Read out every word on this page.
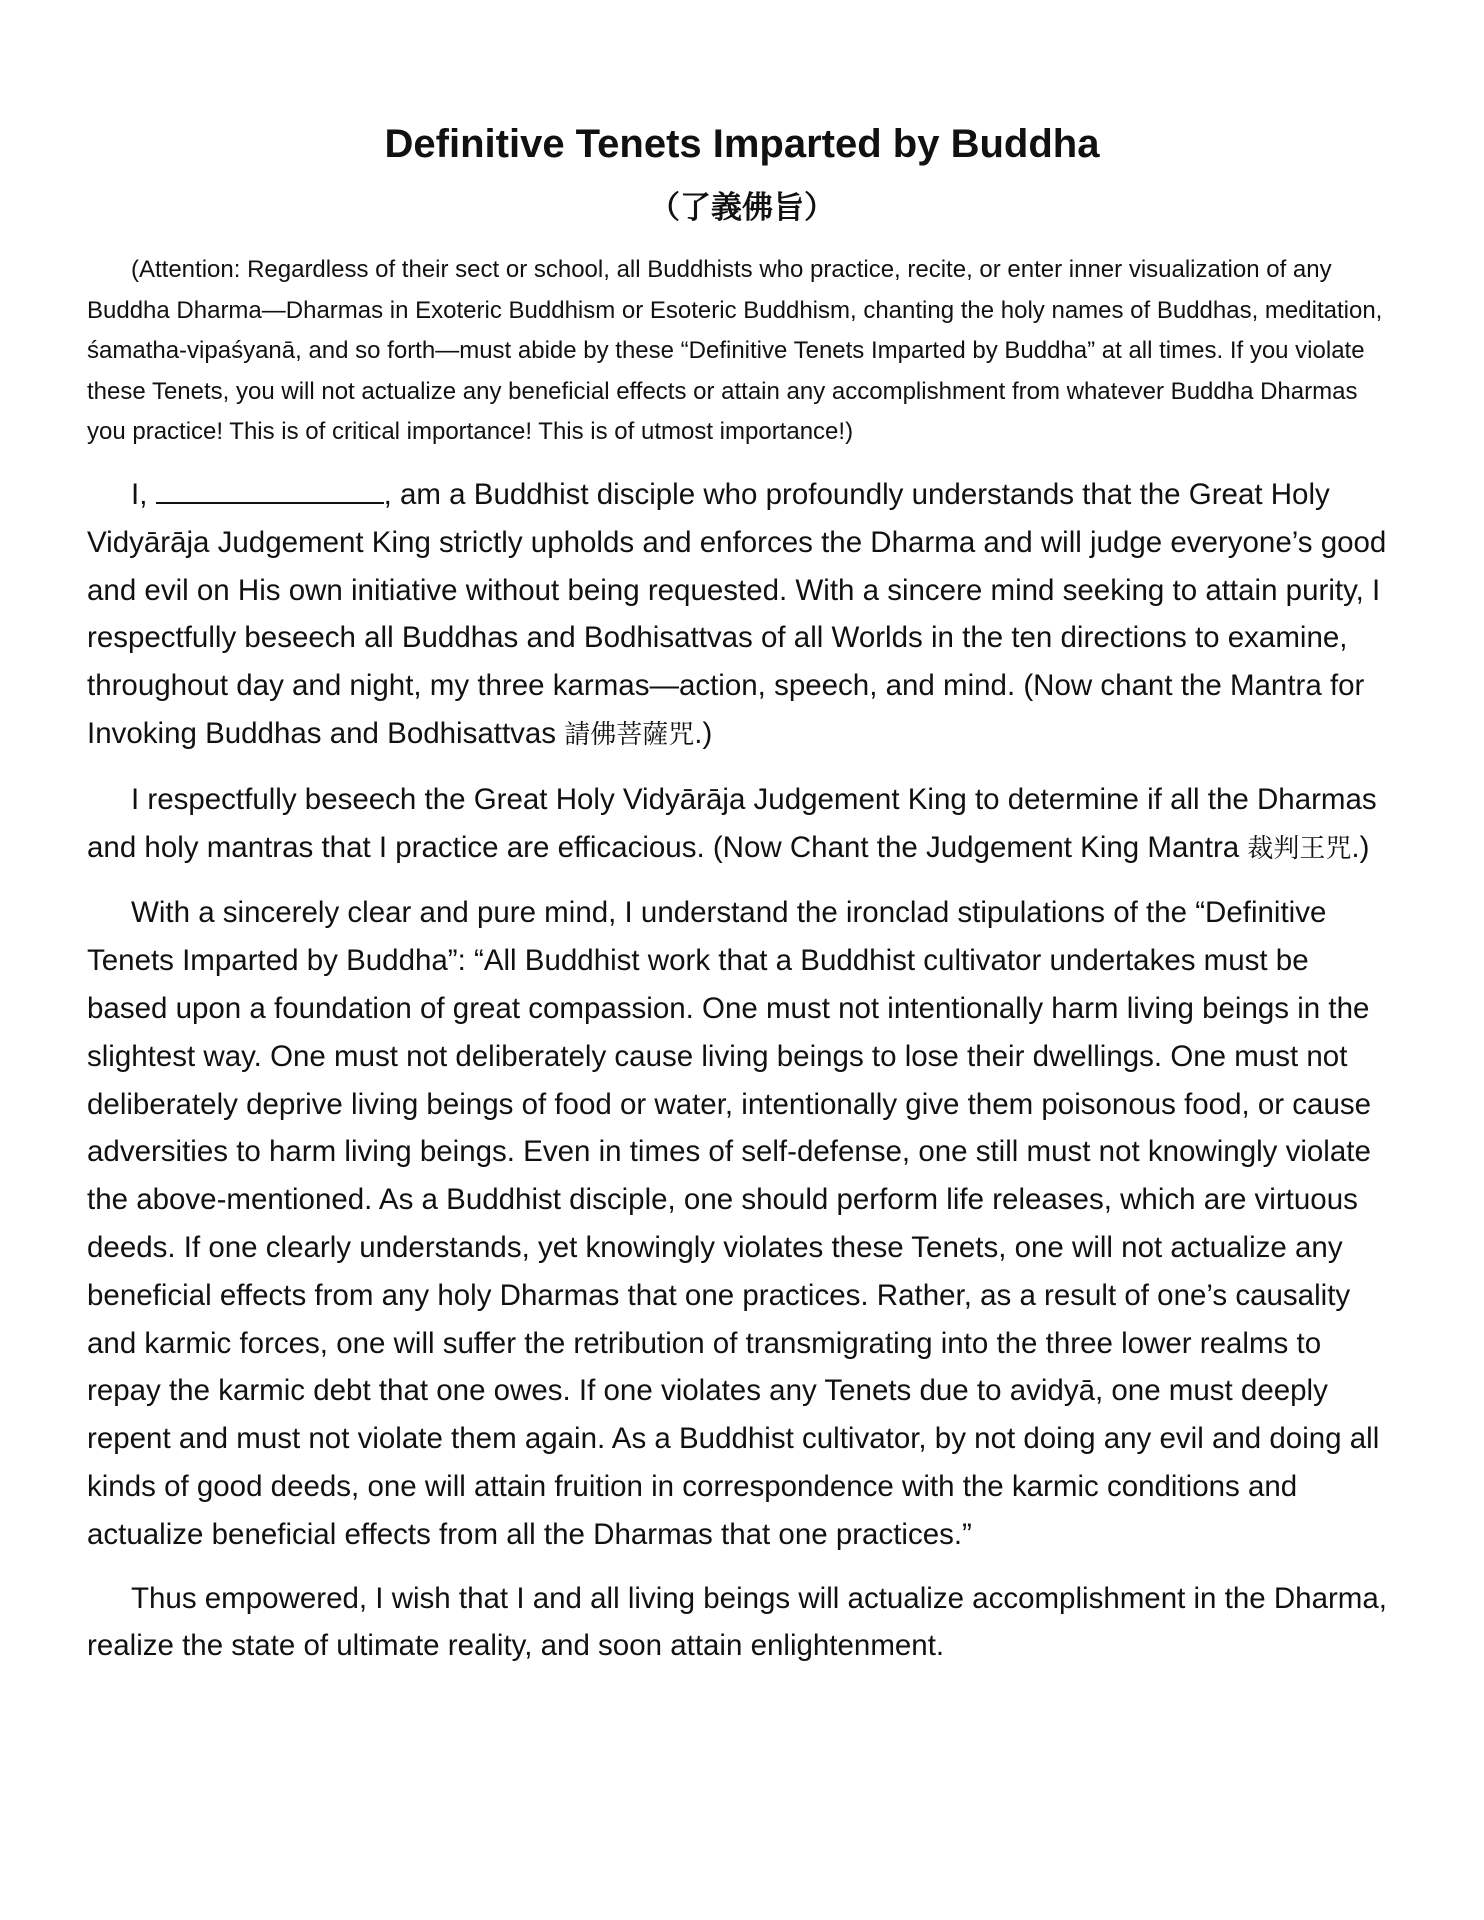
Definitive Tenets Imparted by Buddha
（了義佛旨）

(Attention: Regardless of their sect or school, all Buddhists who practice, recite, or enter inner visualization of any Buddha Dharma—Dharmas in Exoteric Buddhism or Esoteric Buddhism, chanting the holy names of Buddhas, meditation, śamatha-vipaśyanā, and so forth—must abide by these “Definitive Tenets Imparted by Buddha” at all times. If you violate these Tenets, you will not actualize any beneficial effects or attain any accomplishment from whatever Buddha Dharmas you practice! This is of critical importance! This is of utmost importance!)

I,	, am a Buddhist disciple who profoundly understands that the Great Holy Vidyārāja Judgement King strictly upholds and enforces the Dharma and will judge everyone’s good and evil on His own initiative without being requested. With a sincere mind seeking to attain purity, I respectfully beseech all Buddhas and Bodhisattvas of all Worlds in the ten directions to examine, throughout day and night, my three karmas—action, speech, and mind. (Now chant the Mantra for Invoking Buddhas and Bodhisattvas 請佛菩薩咒.)

I respectfully beseech the Great Holy Vidyārāja Judgement King to determine if all the Dharmas and holy mantras that I practice are efficacious. (Now Chant the Judgement King Mantra 裁判王咒.)

With a sincerely clear and pure mind, I understand the ironclad stipulations of the “Definitive Tenets Imparted by Buddha”: “All Buddhist work that a Buddhist cultivator undertakes must be based upon a foundation of great compassion. One must not intentionally harm living beings in the slightest way. One must not deliberately cause living beings to lose their dwellings. One must not deliberately deprive living beings of food or water, intentionally give them poisonous food, or cause adversities to harm living beings. Even in times of self-defense, one still must not knowingly violate the above-mentioned. As a Buddhist disciple, one should perform life releases, which are virtuous deeds. If one clearly understands, yet knowingly violates these Tenets, one will not actualize any beneficial effects from any holy Dharmas that one practices. Rather, as a result of one’s causality and karmic forces, one will suffer the retribution of transmigrating into the three lower realms to repay the karmic debt that one owes. If one violates any Tenets due to avidyā, one must deeply repent and must not violate them again. As a Buddhist cultivator, by not doing any evil and doing all kinds of good deeds, one will attain fruition in correspondence with the karmic conditions and actualize beneficial effects from all the Dharmas that one practices.”

Thus empowered, I wish that I and all living beings will actualize accomplishment in the Dharma, realize the state of ultimate reality, and soon attain enlightenment.
